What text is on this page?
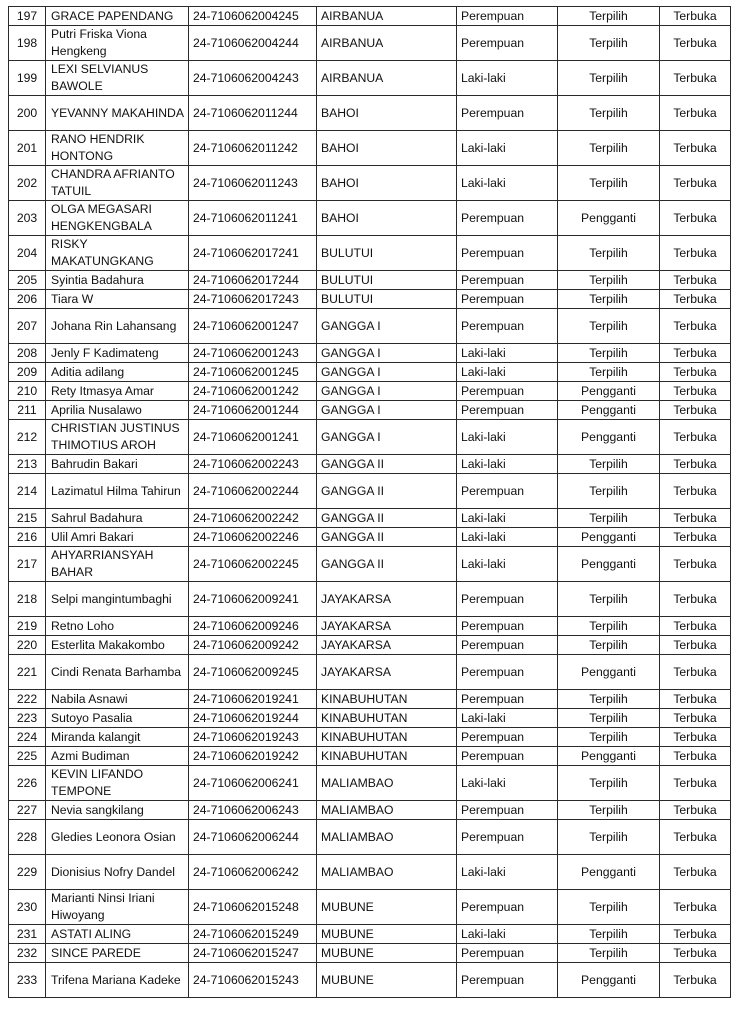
197	GRACE PAPENDANG	24-7106062004245	AIRBANUA	Perempuan	Terpilih	Terbuka
198	Putri Friska Viona Hengkeng	24-7106062004244	AIRBANUA	Perempuan	Terpilih	Terbuka
199	LEXI SELVIANUS BAWOLE	24-7106062004243	AIRBANUA	Laki-laki	Terpilih	Terbuka
200	YEVANNY MAKAHINDA	24-7106062011244	BAHOI	Perempuan	Terpilih	Terbuka
201	RANO HENDRIK HONTONG	24-7106062011242	BAHOI	Laki-laki	Terpilih	Terbuka
202	CHANDRA AFRIANTO TATUIL	24-7106062011243	BAHOI	Laki-laki	Terpilih	Terbuka
203	OLGA MEGASARI HENGKENGBALA	24-7106062011241	BAHOI	Perempuan	Pengganti	Terbuka
204	RISKY MAKATUNGKANG	24-7106062017241	BULUTUI	Perempuan	Terpilih	Terbuka
205	Syintia Badahura	24-7106062017244	BULUTUI	Perempuan	Terpilih	Terbuka
206	Tiara W	24-7106062017243	BULUTUI	Perempuan	Terpilih	Terbuka
207	Johana Rin Lahansang	24-7106062001247	GANGGA I	Perempuan	Terpilih	Terbuka
208	Jenly F Kadimateng	24-7106062001243	GANGGA I	Laki-laki	Terpilih	Terbuka
209	Aditia adilang	24-7106062001245	GANGGA I	Laki-laki	Terpilih	Terbuka
210	Rety Itmasya Amar	24-7106062001242	GANGGA I	Perempuan	Pengganti	Terbuka
211	Aprilia Nusalawo	24-7106062001244	GANGGA I	Perempuan	Pengganti	Terbuka
212	CHRISTIAN JUSTINUS THIMOTIUS AROH	24-7106062001241	GANGGA I	Laki-laki	Pengganti	Terbuka
213	Bahrudin Bakari	24-7106062002243	GANGGA II	Laki-laki	Terpilih	Terbuka
214	Lazimatul Hilma Tahirun	24-7106062002244	GANGGA II	Perempuan	Terpilih	Terbuka
215	Sahrul Badahura	24-7106062002242	GANGGA II	Laki-laki	Terpilih	Terbuka
216	Ulil Amri Bakari	24-7106062002246	GANGGA II	Laki-laki	Pengganti	Terbuka
217	AHYARRIANSYAH BAHAR	24-7106062002245	GANGGA II	Laki-laki	Pengganti	Terbuka
218	Selpi mangintumbaghi	24-7106062009241	JAYAKARSA	Perempuan	Terpilih	Terbuka
219	Retno Loho	24-7106062009246	JAYAKARSA	Perempuan	Terpilih	Terbuka
220	Esterlita Makakombo	24-7106062009242	JAYAKARSA	Perempuan	Terpilih	Terbuka
221	Cindi Renata Barhamba	24-7106062009245	JAYAKARSA	Perempuan	Pengganti	Terbuka
222	Nabila Asnawi	24-7106062019241	KINABUHUTAN	Perempuan	Terpilih	Terbuka
223	Sutoyo Pasalia	24-7106062019244	KINABUHUTAN	Laki-laki	Terpilih	Terbuka
224	Miranda kalangit	24-7106062019243	KINABUHUTAN	Perempuan	Terpilih	Terbuka
225	Azmi Budiman	24-7106062019242	KINABUHUTAN	Perempuan	Pengganti	Terbuka
226	KEVIN LIFANDO TEMPONE	24-7106062006241	MALIAMBAO	Laki-laki	Terpilih	Terbuka
227	Nevia sangkilang	24-7106062006243	MALIAMBAO	Perempuan	Terpilih	Terbuka
228	Gledies Leonora Osian	24-7106062006244	MALIAMBAO	Perempuan	Terpilih	Terbuka
229	Dionisius Nofry Dandel	24-7106062006242	MALIAMBAO	Laki-laki	Pengganti	Terbuka
230	Marianti Ninsi Iriani Hiwoyang	24-7106062015248	MUBUNE	Perempuan	Terpilih	Terbuka
231	ASTATI ALING	24-7106062015249	MUBUNE	Laki-laki	Terpilih	Terbuka
232	SINCE PAREDE	24-7106062015247	MUBUNE	Perempuan	Terpilih	Terbuka
233	Trifena Mariana Kadeke	24-7106062015243	MUBUNE	Perempuan	Pengganti	Terbuka
